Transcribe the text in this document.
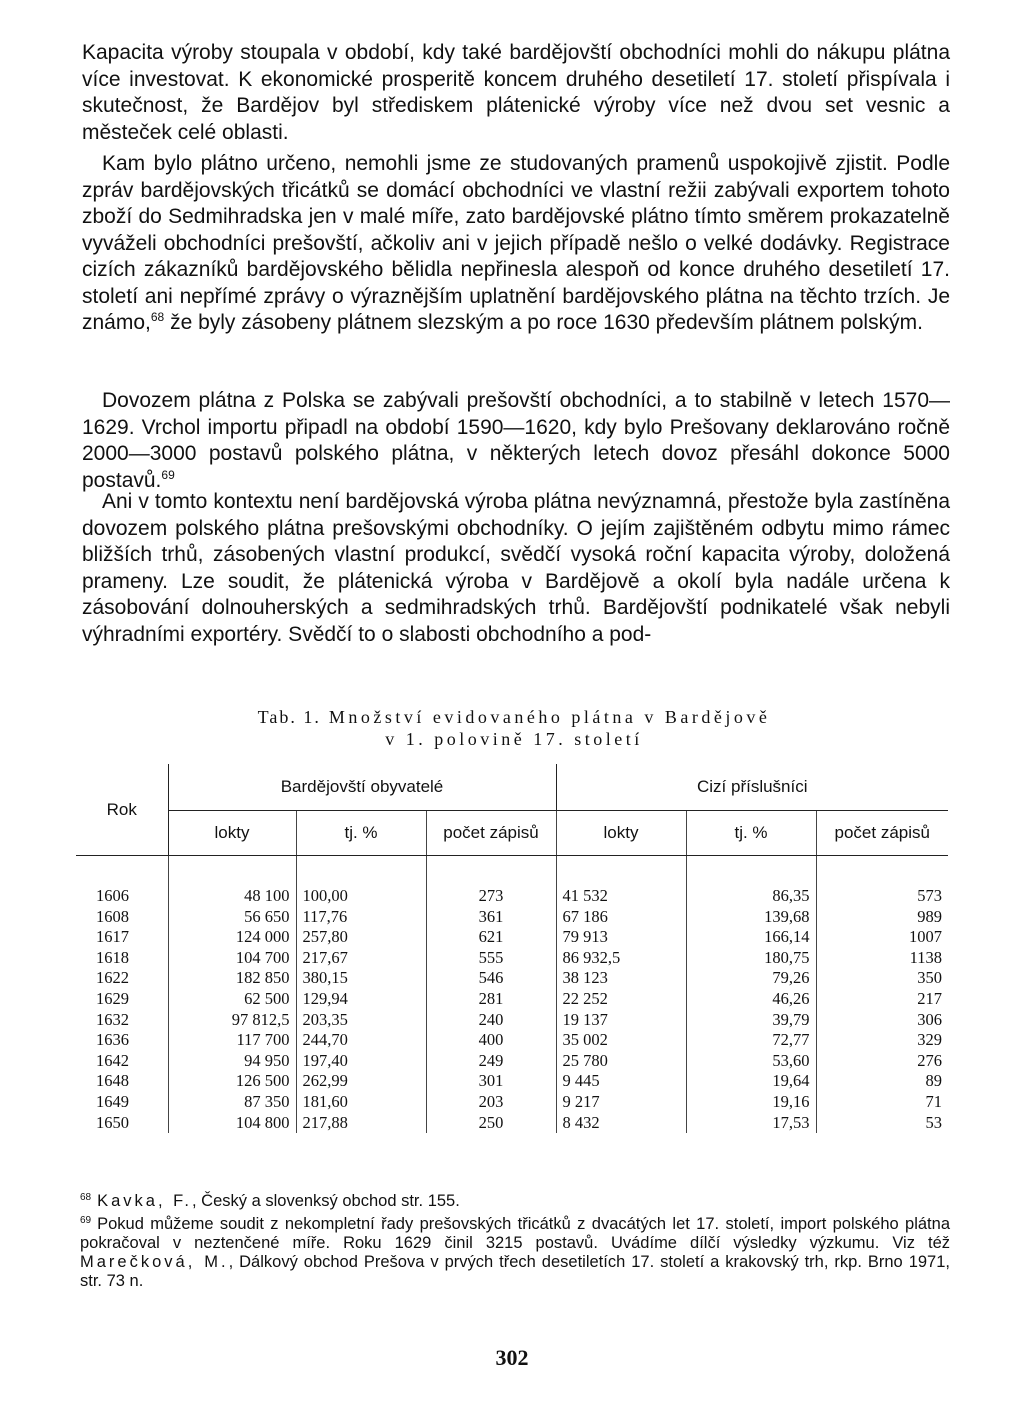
Kapacita výroby stoupala v období, kdy také bardějovští obchodníci mohli do nákupu plátna více investovat. K ekonomické prosperitě koncem druhého desetiletí 17. století přispívala i skutečnost, že Bardějov byl střediskem plátenické výroby více než dvou set vesnic a městeček celé oblasti.

Kam bylo plátno určeno, nemohli jsme ze studovaných pramenů uspokojivě zjistit. Podle zpráv bardějovských třicátků se domácí obchodníci ve vlastní režii zabývali exportem tohoto zboží do Sedmihradska jen v malé míře, zato bardějovské plátno tímto směrem prokazatelně vyváželi obchodníci prešovští, ačkoliv ani v jejich případě nešlo o velké dodávky. Registrace cizích zákazníků bardějovského bělidla nepřinesla alespoň od konce druhého desetiletí 17. století ani nepřímé zprávy o výraznějším uplatnění bardějovského plátna na těchto trzích. Je známo,$^{68}$ že byly zásobeny plátnem slezským a po roce 1630 především plátnem polským.

Dovozem plátna z Polska se zabývali prešovští obchodníci, a to stabilně v letech 1570—1629. Vrchol importu připadl na období 1590—1620, kdy bylo Prešovany deklarováno ročně 2000—3000 postavů polského plátna, v některých letech dovoz přesáhl dokonce 5000 postavů.$^{69}$

Ani v tomto kontextu není bardějovská výroba plátna nevýznamná, přestože byla zastíněna dovozem polského plátna prešovskými obchodníky. O jejím zajištěném odbytu mimo rámec bližších trhů, zásobených vlastní produkcí, svědčí vysoká roční kapacita výroby, doložená prameny. Lze soudit, že plátenická výroba v Bardějově a okolí byla nadále určena k zásobování dolnouherských a sedmihradských trhů. Bardějovští podnikatelé však nebyli výhradními exportéry. Svědčí to o slabosti obchodního a pod-

Tab. 1. Množství evidovaného plátna v Bardějově
v 1. polovině 17. století
Rok	Bardějovští obyvatelé			Cizí příslušníci		
	lokty	tj. %	počet zápisů	lokty	tj. %	počet zápisů

1606	48 100	100,00	273	41 532	86,35	573
1608	56 650	117,76	361	67 186	139,68	989
1617	124 000	257,80	621	79 913	166,14	1007
1618	104 700	217,67	555	86 932,5	180,75	1138
1622	182 850	380,15	546	38 123	79,26	350
1629	62 500	129,94	281	22 252	46,26	217
1632	97 812,5	203,35	240	19 137	39,79	306
1636	117 700	244,70	400	35 002	72,77	329
1642	94 950	197,40	249	25 780	53,60	276
1648	126 500	262,99	301	9 445	19,64	89
1649	87 350	181,60	203	9 217	19,16	71
1650	104 800	217,88	250	8 432	17,53	53

$^{68}$ Kavka, F., Český a slovenksý obchod str. 155.

$^{69}$ Pokud můžeme soudit z nekompletní řady prešovských třicátků z dvacátých let 17. století, import polského plátna pokračoval v neztenčené míře. Roku 1629 činil 3215 postavů. Uvádíme dílčí výsledky výzkumu. Viz též Marečková, M., Dálkový obchod Prešova v prvých třech desetiletích 17. století a krakovský trh, rkp. Brno 1971, str. 73 n.

302
